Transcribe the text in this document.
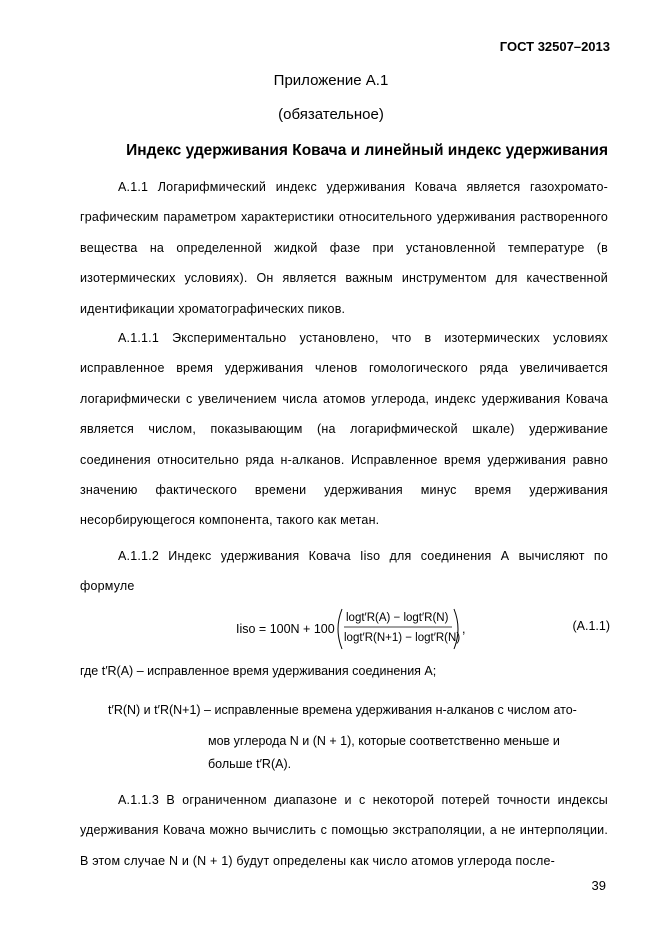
ГОСТ 32507–2013
Приложение А.1
(обязательное)
Индекс удерживания Ковача и линейный индекс удерживания
А.1.1 Логарифмический индекс удерживания Ковача является газохромато-графическим параметром характеристики относительного удерживания растворенного вещества на определенной жидкой фазе при установленной температуре (в изотермических условиях). Он является важным инструментом для качественной идентификации хроматографических пиков.
А.1.1.1 Экспериментально установлено, что в изотермических условиях исправленное время удерживания членов гомологического ряда увеличивается логарифмически с увеличением числа атомов углерода, индекс удерживания Ковача является числом, показывающим (на логарифмической шкале) удерживание соединения относительно ряда н-алканов. Исправленное время удерживания равно значению фактического времени удерживания минус время удерживания несорбирующегося компонента, такого как метан.
А.1.1.2 Индекс удерживания Ковача Iiso для соединения А вычисляют по формуле
Iiso = 100N + 100
logt′R(A) − logt′R(N)
logt′R(N+1) − logt′R(N)
,	(А.1.1)
где t′R(A) – исправленное время удерживания соединения А;
t′R(N) и t′R(N+1) – исправленные времена удерживания н-алканов с числом ато-
мов углерода N и (N + 1), которые соответственно меньше и
больше t′R(A).
А.1.1.3 В ограниченном диапазоне и с некоторой потерей точности индексы удерживания Ковача можно вычислить с помощью экстраполяции, а не интерполяции. В этом случае N и (N + 1) будут определены как число атомов углерода после-
39
